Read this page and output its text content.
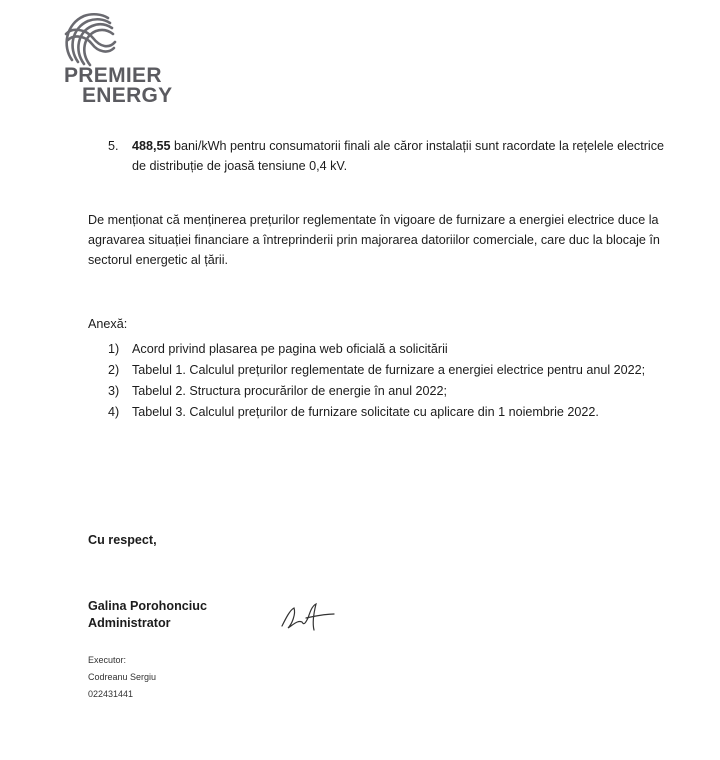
PREMIER
ENERGY
5. 488,55 bani/kWh pentru consumatorii finali ale căror instalații sunt racordate la rețelele electrice de distribuție de joasă tensiune 0,4 kV.
De menționat că menținerea prețurilor reglementate în vigoare de furnizare a energiei electrice duce la agravarea situației financiare a întreprinderii prin majorarea datoriilor comerciale, care duc la blocaje în sectorul energetic al țării.
Anexă:
1) Acord privind plasarea pe pagina web oficială a solicitării
2) Tabelul 1. Calculul prețurilor reglementate de furnizare a energiei electrice pentru anul 2022;
3) Tabelul 2. Structura procurărilor de energie în anul 2022;
4) Tabelul 3. Calculul prețurilor de furnizare solicitate cu aplicare din 1 noiembrie 2022.
Cu respect,
Galina Porohonciuc
Administrator
Executor:
Codreanu Sergiu
022431441
